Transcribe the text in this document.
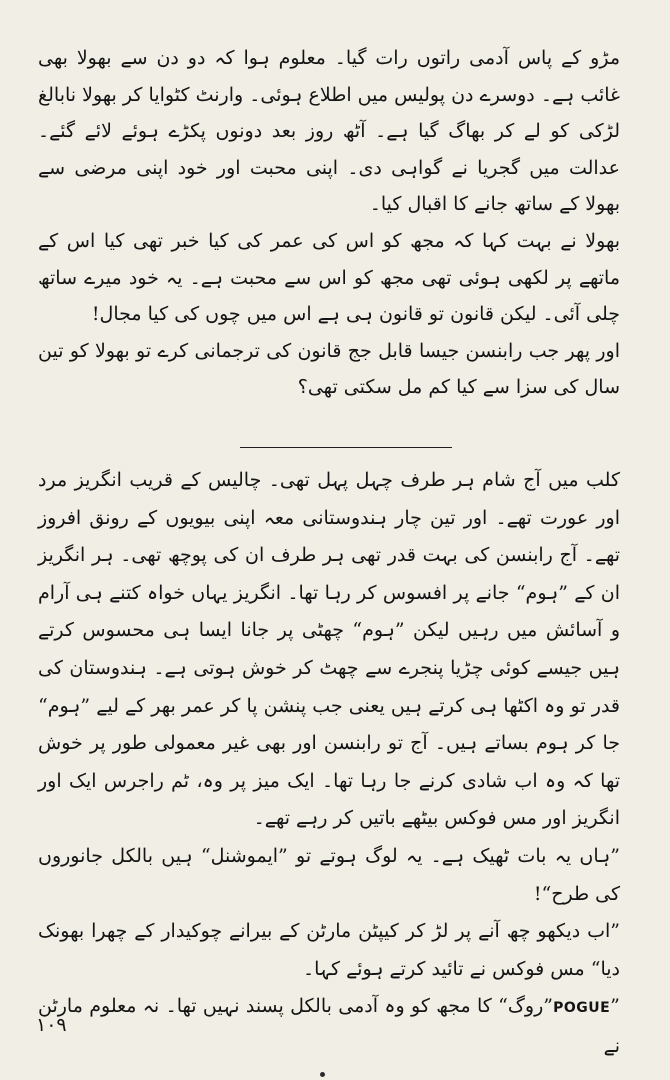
مڑو کے پاس آدمی راتوں رات گیا۔ معلوم ہوا کہ دو دن سے بھولا بھی غائب ہے۔ دوسرے دن پولیس میں اطلاع ہوئی۔ وارنٹ کٹوایا کر بھولا نابالغ لڑکی کو لے کر بھاگ گیا ہے۔ آٹھ روز بعد دونوں پکڑے ہوئے لائے گئے۔ عدالت میں گجریا نے گواہی دی۔ اپنی محبت اور خود اپنی مرضی سے بھولا کے ساتھ جانے کا اقبال کیا۔

بھولا نے بہت کہا کہ مجھ کو اس کی عمر کی کیا خبر تھی کیا اس کے ماتھے پر لکھی ہوئی تھی مجھ کو اس سے محبت ہے۔ یہ خود میرے ساتھ چلی آئی۔ لیکن قانون تو قانون ہی ہے اس میں چوں کی کیا مجال!

اور پھر جب رابنسن جیسا قابل جج قانون کی ترجمانی کرے تو بھولا کو تین سال کی سزا سے کیا کم مل سکتی تھی؟

کلب میں آج شام ہر طرف چہل پہل تھی۔ چالیس کے قریب انگریز مرد اور عورت تھے۔ اور تین چار ہندوستانی معہ اپنی بیویوں کے رونق افروز تھے۔ آج رابنسن کی بہت قدر تھی ہر طرف ان کی پوچھ تھی۔ ہر انگریز ان کے ”ہوم“ جانے پر افسوس کر رہا تھا۔ انگریز یہاں خواہ کتنے ہی آرام و آسائش میں رہیں لیکن ”ہوم“ چھٹی پر جانا ایسا ہی محسوس کرتے ہیں جیسے کوئی چڑیا پنجرے سے چھٹ کر خوش ہوتی ہے۔ ہندوستان کی قدر تو وہ اکٹھا ہی کرتے ہیں یعنی جب پنشن پا کر عمر بھر کے لیے ”ہوم“ جا کر ہوم بساتے ہیں۔ آج تو رابنسن اور بھی غیر معمولی طور پر خوش تھا کہ وہ اب شادی کرنے جا رہا تھا۔ ایک میز پر وہ، ٹم راجرس ایک اور انگریز اور مس فوکس بیٹھے باتیں کر رہے تھے۔

”ہاں یہ بات ٹھیک ہے۔ یہ لوگ ہوتے تو ”ایموشنل“ ہیں بالکل جانوروں کی طرح“!

”اب دیکھو چھ آنے پر لڑ کر کیپٹن مارٹن کے بیرانے چوکیدار کے چھرا بھونک دیا“ مس فوکس نے تائید کرتے ہوئے کہا۔

”POGUE”روگ“ کا مجھ کو وہ آدمی بالکل پسند نہیں تھا۔ نہ معلوم مارٹن نے

۱۰۹
